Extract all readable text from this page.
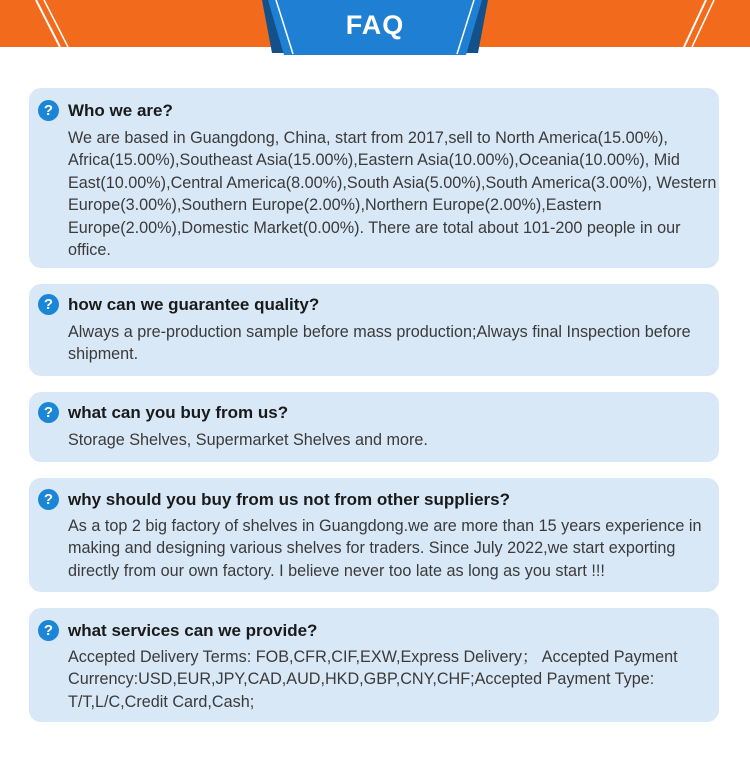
FAQ
? Who we are?

We are based in Guangdong, China, start from 2017,sell to North America(15.00%), Africa(15.00%),Southeast Asia(15.00%),Eastern Asia(10.00%),Oceania(10.00%), Mid East(10.00%),Central America(8.00%),South Asia(5.00%),South America(3.00%), Western Europe(3.00%),Southern Europe(2.00%),Northern Europe(2.00%),Eastern Europe(2.00%),Domestic Market(0.00%). There are total about 101-200 people in our office.

? how can we guarantee quality?

Always a pre-production sample before mass production;Always final Inspection before shipment.

? what can you buy from us?

Storage Shelves, Supermarket Shelves and more.

? why should you buy from us not from other suppliers?

As a top 2 big factory of shelves in Guangdong.we are more than 15 years experience in making and designing various shelves for traders. Since July 2022,we start exporting directly from our own factory. I believe never too late as long as you start !!!

? what services can we provide?

Accepted Delivery Terms: FOB,CFR,CIF,EXW,Express Delivery； Accepted Payment Currency:USD,EUR,JPY,CAD,AUD,HKD,GBP,CNY,CHF;Accepted Payment Type: T/T,L/C,Credit Card,Cash;
